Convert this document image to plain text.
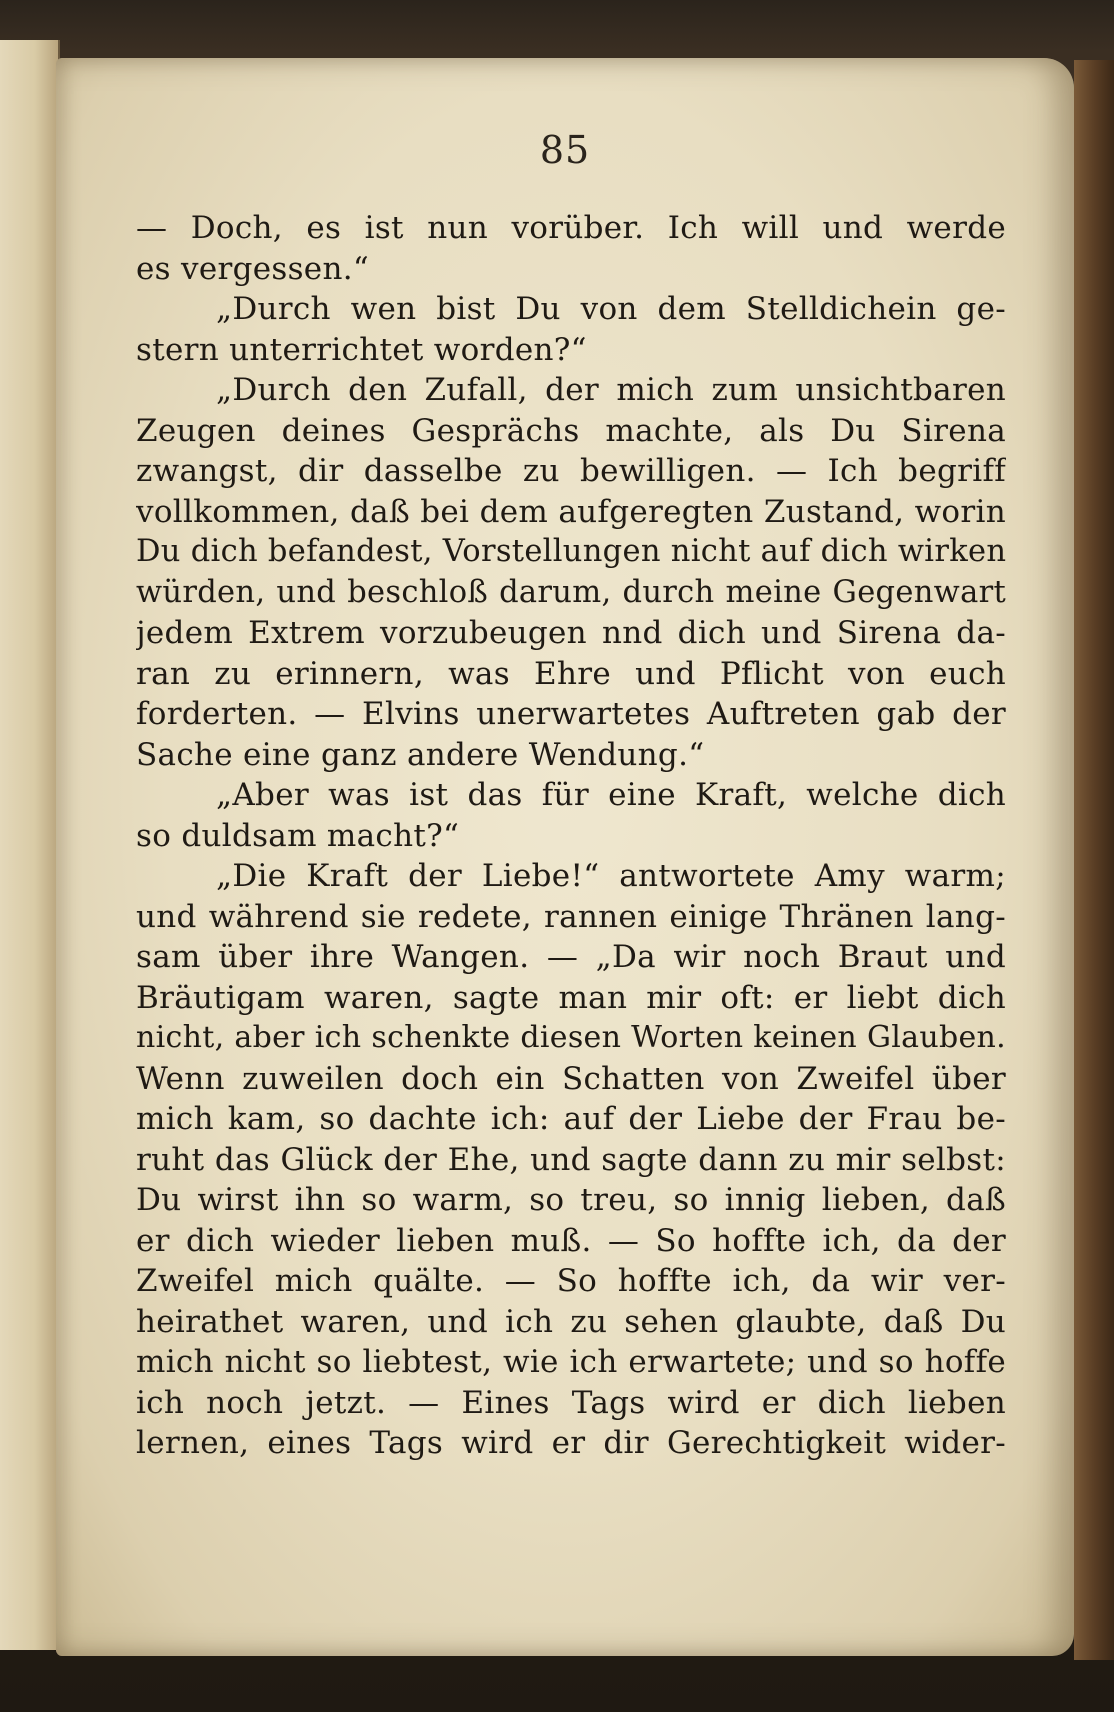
85
— Doch, es ist nun vorüber. Ich will und werde
es vergessen.“
„Durch wen bist Du von dem Stelldichein ge-
stern unterrichtet worden?“
„Durch den Zufall, der mich zum unsichtbaren
Zeugen deines Gesprächs machte, als Du Sirena
zwangst, dir dasselbe zu bewilligen. — Ich begriff
vollkommen, daß bei dem aufgeregten Zustand, worin
Du dich befandest, Vorstellungen nicht auf dich wirken
würden, und beschloß darum, durch meine Gegenwart
jedem Extrem vorzubeugen nnd dich und Sirena da-
ran zu erinnern, was Ehre und Pflicht von euch
forderten. — Elvins unerwartetes Auftreten gab der
Sache eine ganz andere Wendung.“
„Aber was ist das für eine Kraft, welche dich
so duldsam macht?“
„Die Kraft der Liebe!“ antwortete Amy warm;
und während sie redete, rannen einige Thränen lang-
sam über ihre Wangen. — „Da wir noch Braut und
Bräutigam waren, sagte man mir oft: er liebt dich
nicht, aber ich schenkte diesen Worten keinen Glauben.
Wenn zuweilen doch ein Schatten von Zweifel über
mich kam, so dachte ich: auf der Liebe der Frau be-
ruht das Glück der Ehe, und sagte dann zu mir selbst:
Du wirst ihn so warm, so treu, so innig lieben, daß
er dich wieder lieben muß. — So hoffte ich, da der
Zweifel mich quälte. — So hoffte ich, da wir ver-
heirathet waren, und ich zu sehen glaubte, daß Du
mich nicht so liebtest, wie ich erwartete; und so hoffe
ich noch jetzt. — Eines Tags wird er dich lieben
lernen, eines Tags wird er dir Gerechtigkeit wider-
